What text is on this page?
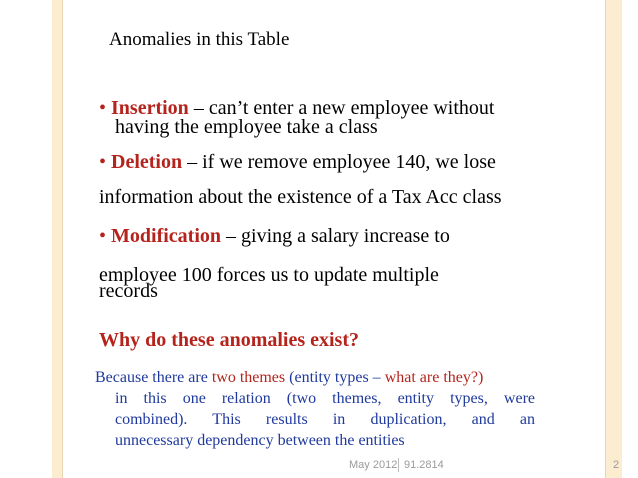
Anomalies in this Table
• Insertion – can’t enter a new employee without
having the employee take a class
• Deletion – if we remove employee 140, we lose
information about the existence of a Tax Acc class
• Modification – giving a salary increase to
employee 100 forces us to update multiple
records
Why do these anomalies exist?
Because there are two themes (entity types – what are they?)
in this one relation (two themes, entity types, were
combined). This results in duplication, and an
unnecessary dependency between the entities
May 2012 91.2814	2
